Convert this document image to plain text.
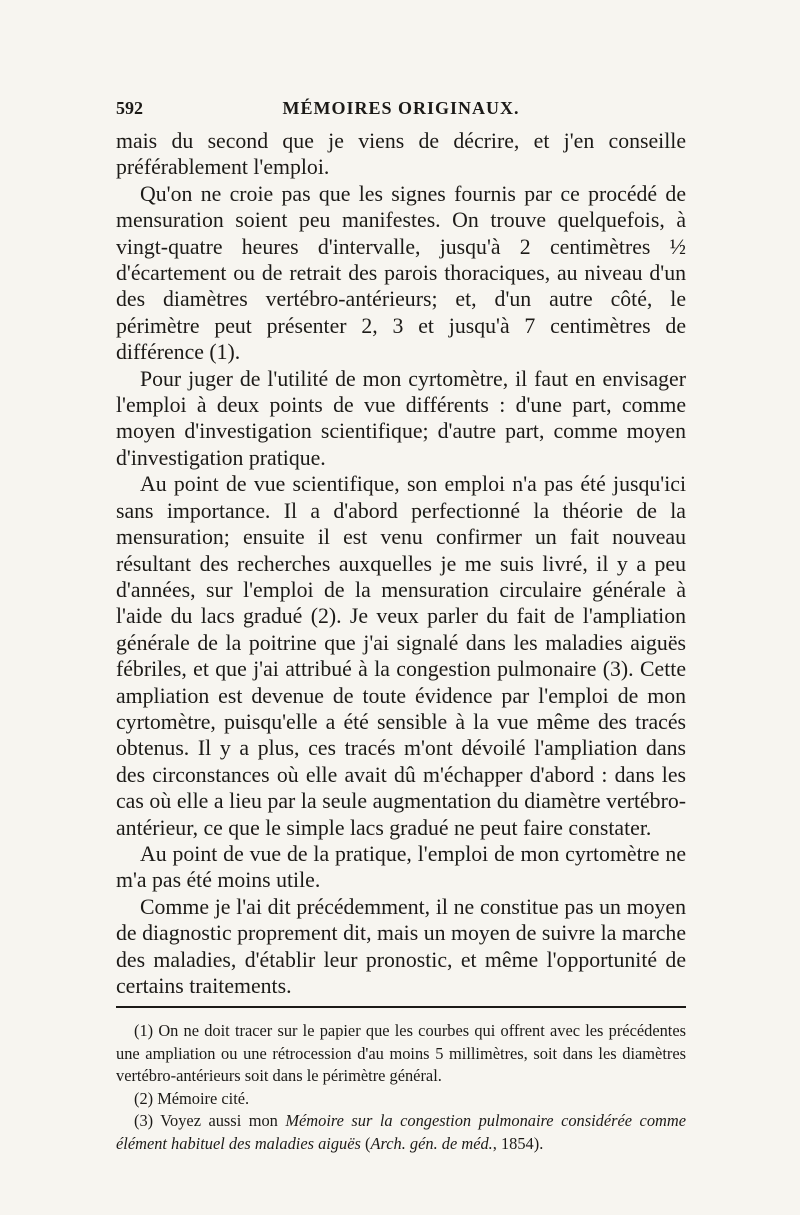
592	MÉMOIRES ORIGINAUX.

mais du second que je viens de décrire, et j'en conseille préférablement l'emploi.

Qu'on ne croie pas que les signes fournis par ce procédé de mensuration soient peu manifestes. On trouve quelquefois, à vingt-quatre heures d'intervalle, jusqu'à 2 centimètres ½ d'écartement ou de retrait des parois thoraciques, au niveau d'un des diamètres vertébro-antérieurs; et, d'un autre côté, le périmètre peut présenter 2, 3 et jusqu'à 7 centimètres de différence (1).

Pour juger de l'utilité de mon cyrtomètre, il faut en envisager l'emploi à deux points de vue différents : d'une part, comme moyen d'investigation scientifique; d'autre part, comme moyen d'investigation pratique.

Au point de vue scientifique, son emploi n'a pas été jusqu'ici sans importance. Il a d'abord perfectionné la théorie de la mensuration; ensuite il est venu confirmer un fait nouveau résultant des recherches auxquelles je me suis livré, il y a peu d'années, sur l'emploi de la mensuration circulaire générale à l'aide du lacs gradué (2). Je veux parler du fait de l'ampliation générale de la poitrine que j'ai signalé dans les maladies aiguës fébriles, et que j'ai attribué à la congestion pulmonaire (3). Cette ampliation est devenue de toute évidence par l'emploi de mon cyrtomètre, puisqu'elle a été sensible à la vue même des tracés obtenus. Il y a plus, ces tracés m'ont dévoilé l'ampliation dans des circonstances où elle avait dû m'échapper d'abord : dans les cas où elle a lieu par la seule augmentation du diamètre vertébro-antérieur, ce que le simple lacs gradué ne peut faire constater.

Au point de vue de la pratique, l'emploi de mon cyrtomètre ne m'a pas été moins utile.

Comme je l'ai dit précédemment, il ne constitue pas un moyen de diagnostic proprement dit, mais un moyen de suivre la marche des maladies, d'établir leur pronostic, et même l'opportunité de certains traitements.

(1) On ne doit tracer sur le papier que les courbes qui offrent avec les précédentes une ampliation ou une rétrocession d'au moins 5 millimètres, soit dans les diamètres vertébro-antérieurs soit dans le périmètre général.

(2) Mémoire cité.

(3) Voyez aussi mon Mémoire sur la congestion pulmonaire considérée comme élément habituel des maladies aiguës (Arch. gén. de méd., 1854).
